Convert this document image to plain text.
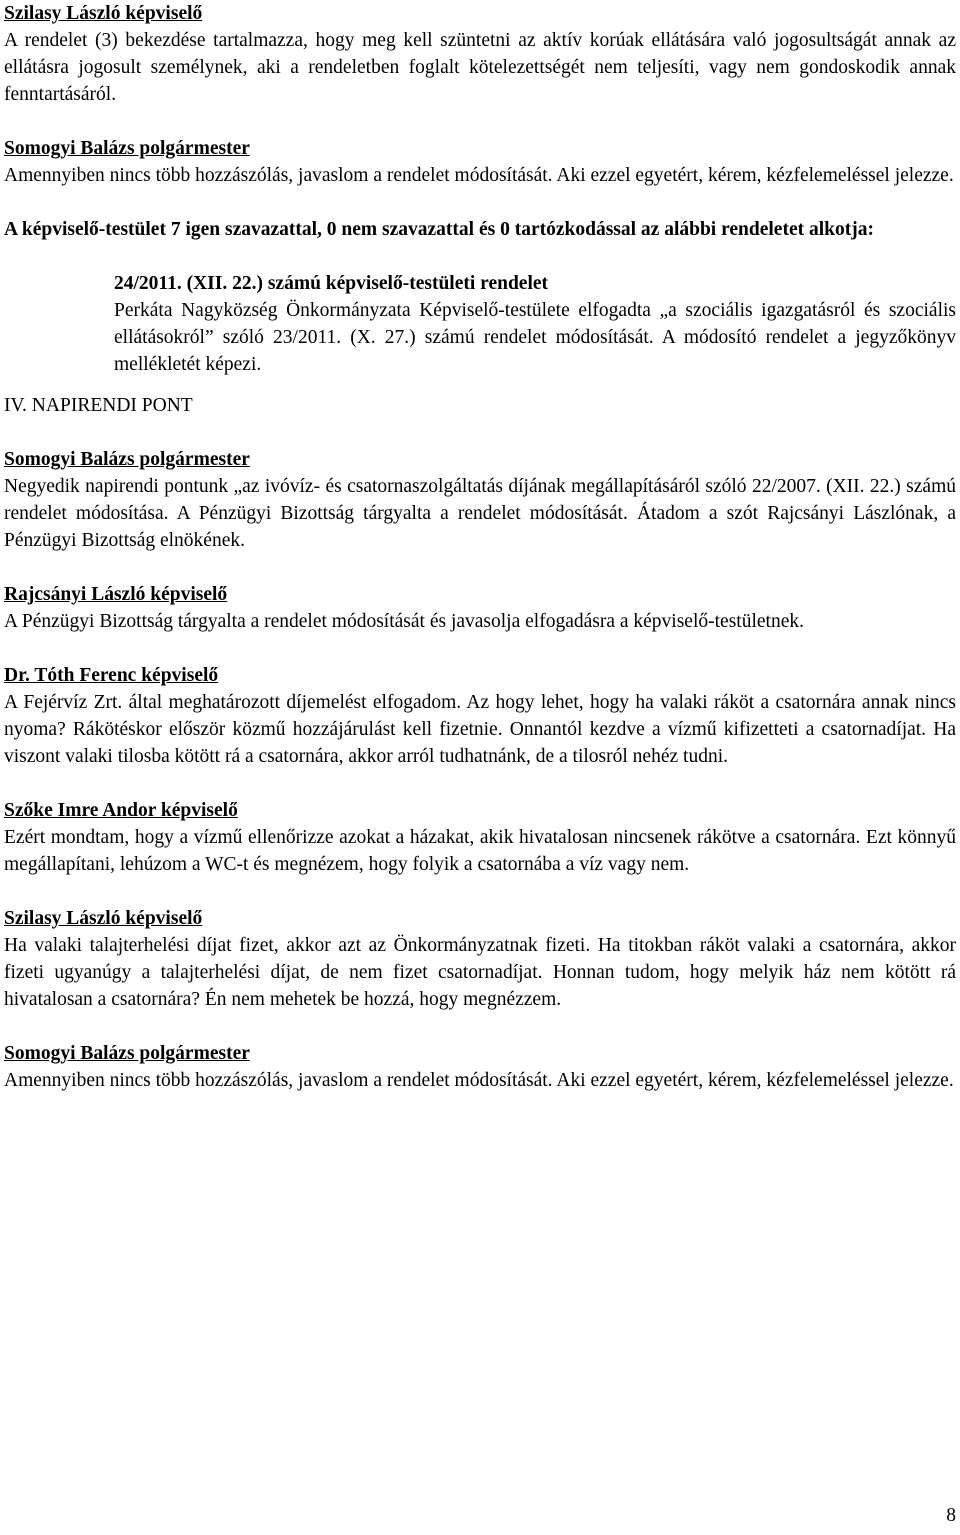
Szilasy László képviselő

A rendelet (3) bekezdése tartalmazza, hogy meg kell szüntetni az aktív korúak ellátására való jogosultságát annak az ellátásra jogosult személynek, aki a rendeletben foglalt kötelezettségét nem teljesíti, vagy nem gondoskodik annak fenntartásáról.

Somogyi Balázs polgármester

Amennyiben nincs több hozzászólás, javaslom a rendelet módosítását. Aki ezzel egyetért, kérem, kézfelemeléssel jelezze.

A képviselő-testület 7 igen szavazattal, 0 nem szavazattal és 0 tartózkodással az alábbi rendeletet alkotja:

24/2011. (XII. 22.) számú képviselő-testületi rendelet

Perkáta Nagyközség Önkormányzata Képviselő-testülete elfogadta „a szociális igazgatásról és szociális ellátásokról” szóló 23/2011. (X. 27.) számú rendelet módosítását. A módosító rendelet a jegyzőkönyv mellékletét képezi.

IV. NAPIRENDI PONT

Somogyi Balázs polgármester

Negyedik napirendi pontunk „az ivóvíz- és csatornaszolgáltatás díjának megállapításáról szóló 22/2007. (XII. 22.) számú rendelet módosítása. A Pénzügyi Bizottság tárgyalta a rendelet módosítását. Átadom a szót Rajcsányi Lászlónak, a Pénzügyi Bizottság elnökének.

Rajcsányi László képviselő

A Pénzügyi Bizottság tárgyalta a rendelet módosítását és javasolja elfogadásra a képviselő-testületnek.

Dr. Tóth Ferenc képviselő

A Fejérvíz Zrt. által meghatározott díjemelést elfogadom. Az hogy lehet, hogy ha valaki ráköt a csatornára annak nincs nyoma? Rákötéskor először közmű hozzájárulást kell fizetnie. Onnantól kezdve a vízmű kifizetteti a csatornadíjat. Ha viszont valaki tilosba kötött rá a csatornára, akkor arról tudhatnánk, de a tilosról nehéz tudni.

Szőke Imre Andor képviselő

Ezért mondtam, hogy a vízmű ellenőrizze azokat a házakat, akik hivatalosan nincsenek rákötve a csatornára. Ezt könnyű megállapítani, lehúzom a WC-t és megnézem, hogy folyik a csatornába a víz vagy nem.

Szilasy László képviselő

Ha valaki talajterhelési díjat fizet, akkor azt az Önkormányzatnak fizeti. Ha titokban ráköt valaki a csatornára, akkor fizeti ugyanúgy a talajterhelési díjat, de nem fizet csatornadíjat. Honnan tudom, hogy melyik ház nem kötött rá hivatalosan a csatornára? Én nem mehetek be hozzá, hogy megnézzem.

Somogyi Balázs polgármester

Amennyiben nincs több hozzászólás, javaslom a rendelet módosítását. Aki ezzel egyetért, kérem, kézfelemeléssel jelezze.

8
